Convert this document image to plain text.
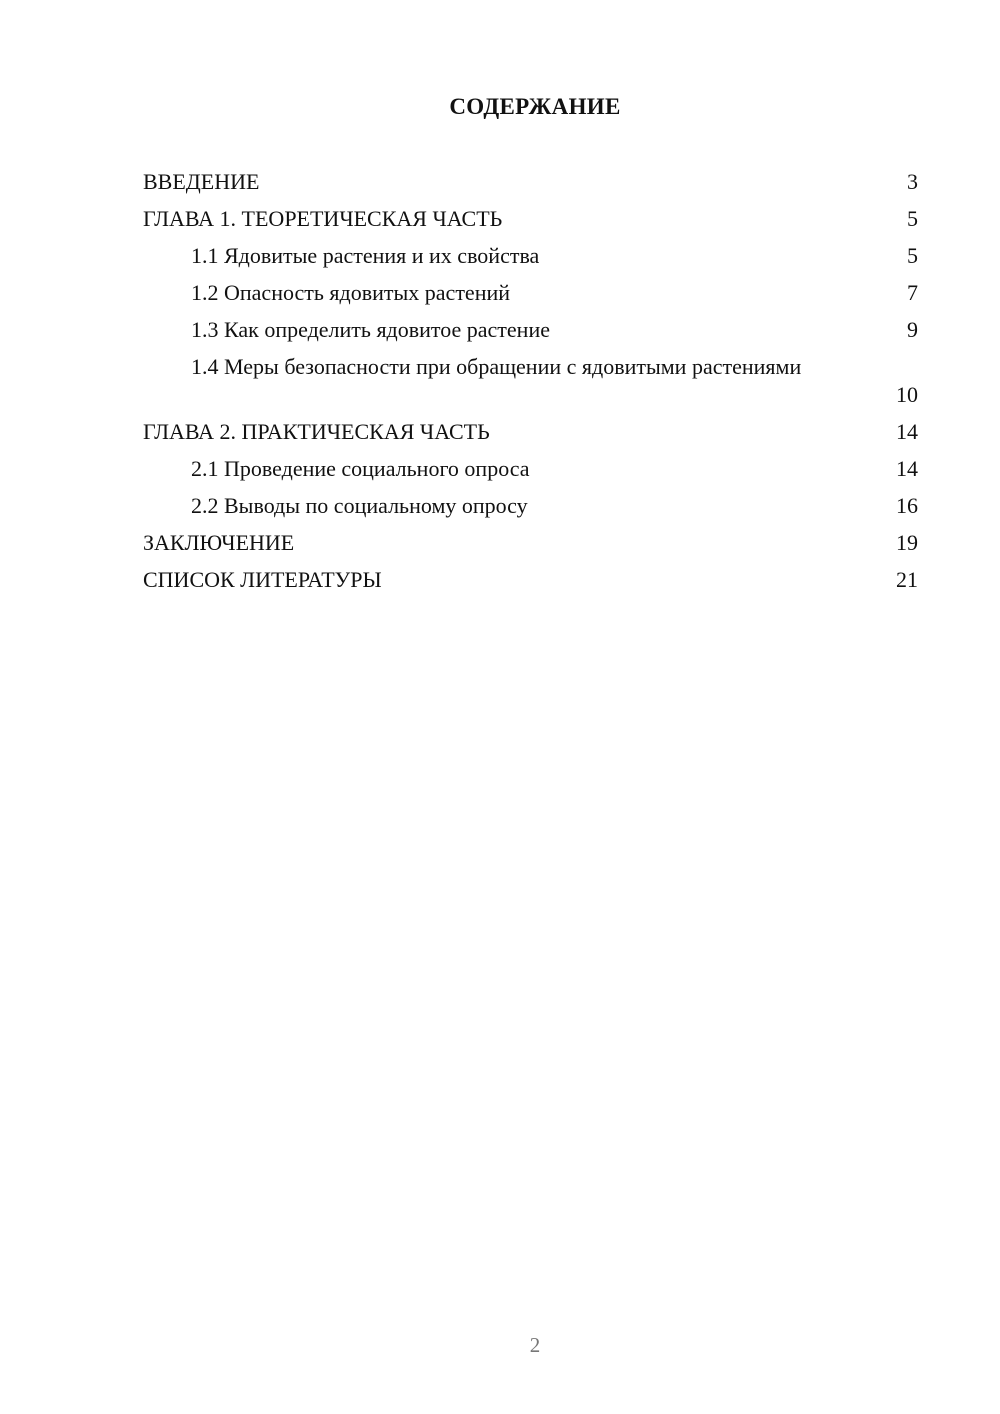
СОДЕРЖАНИЕ
ВВЕДЕНИЕ	3
ГЛАВА 1. ТЕОРЕТИЧЕСКАЯ ЧАСТЬ	5
1.1 Ядовитые растения и их свойства	5
1.2 Опасность ядовитых растений	7
1.3 Как определить ядовитое растение	9
1.4 Меры безопасности при обращении с ядовитыми растениями
10
ГЛАВА 2. ПРАКТИЧЕСКАЯ ЧАСТЬ	14
2.1 Проведение социального опроса	14
2.2 Выводы по социальному опросу	16
ЗАКЛЮЧЕНИЕ	19
СПИСОК ЛИТЕРАТУРЫ	21
2
